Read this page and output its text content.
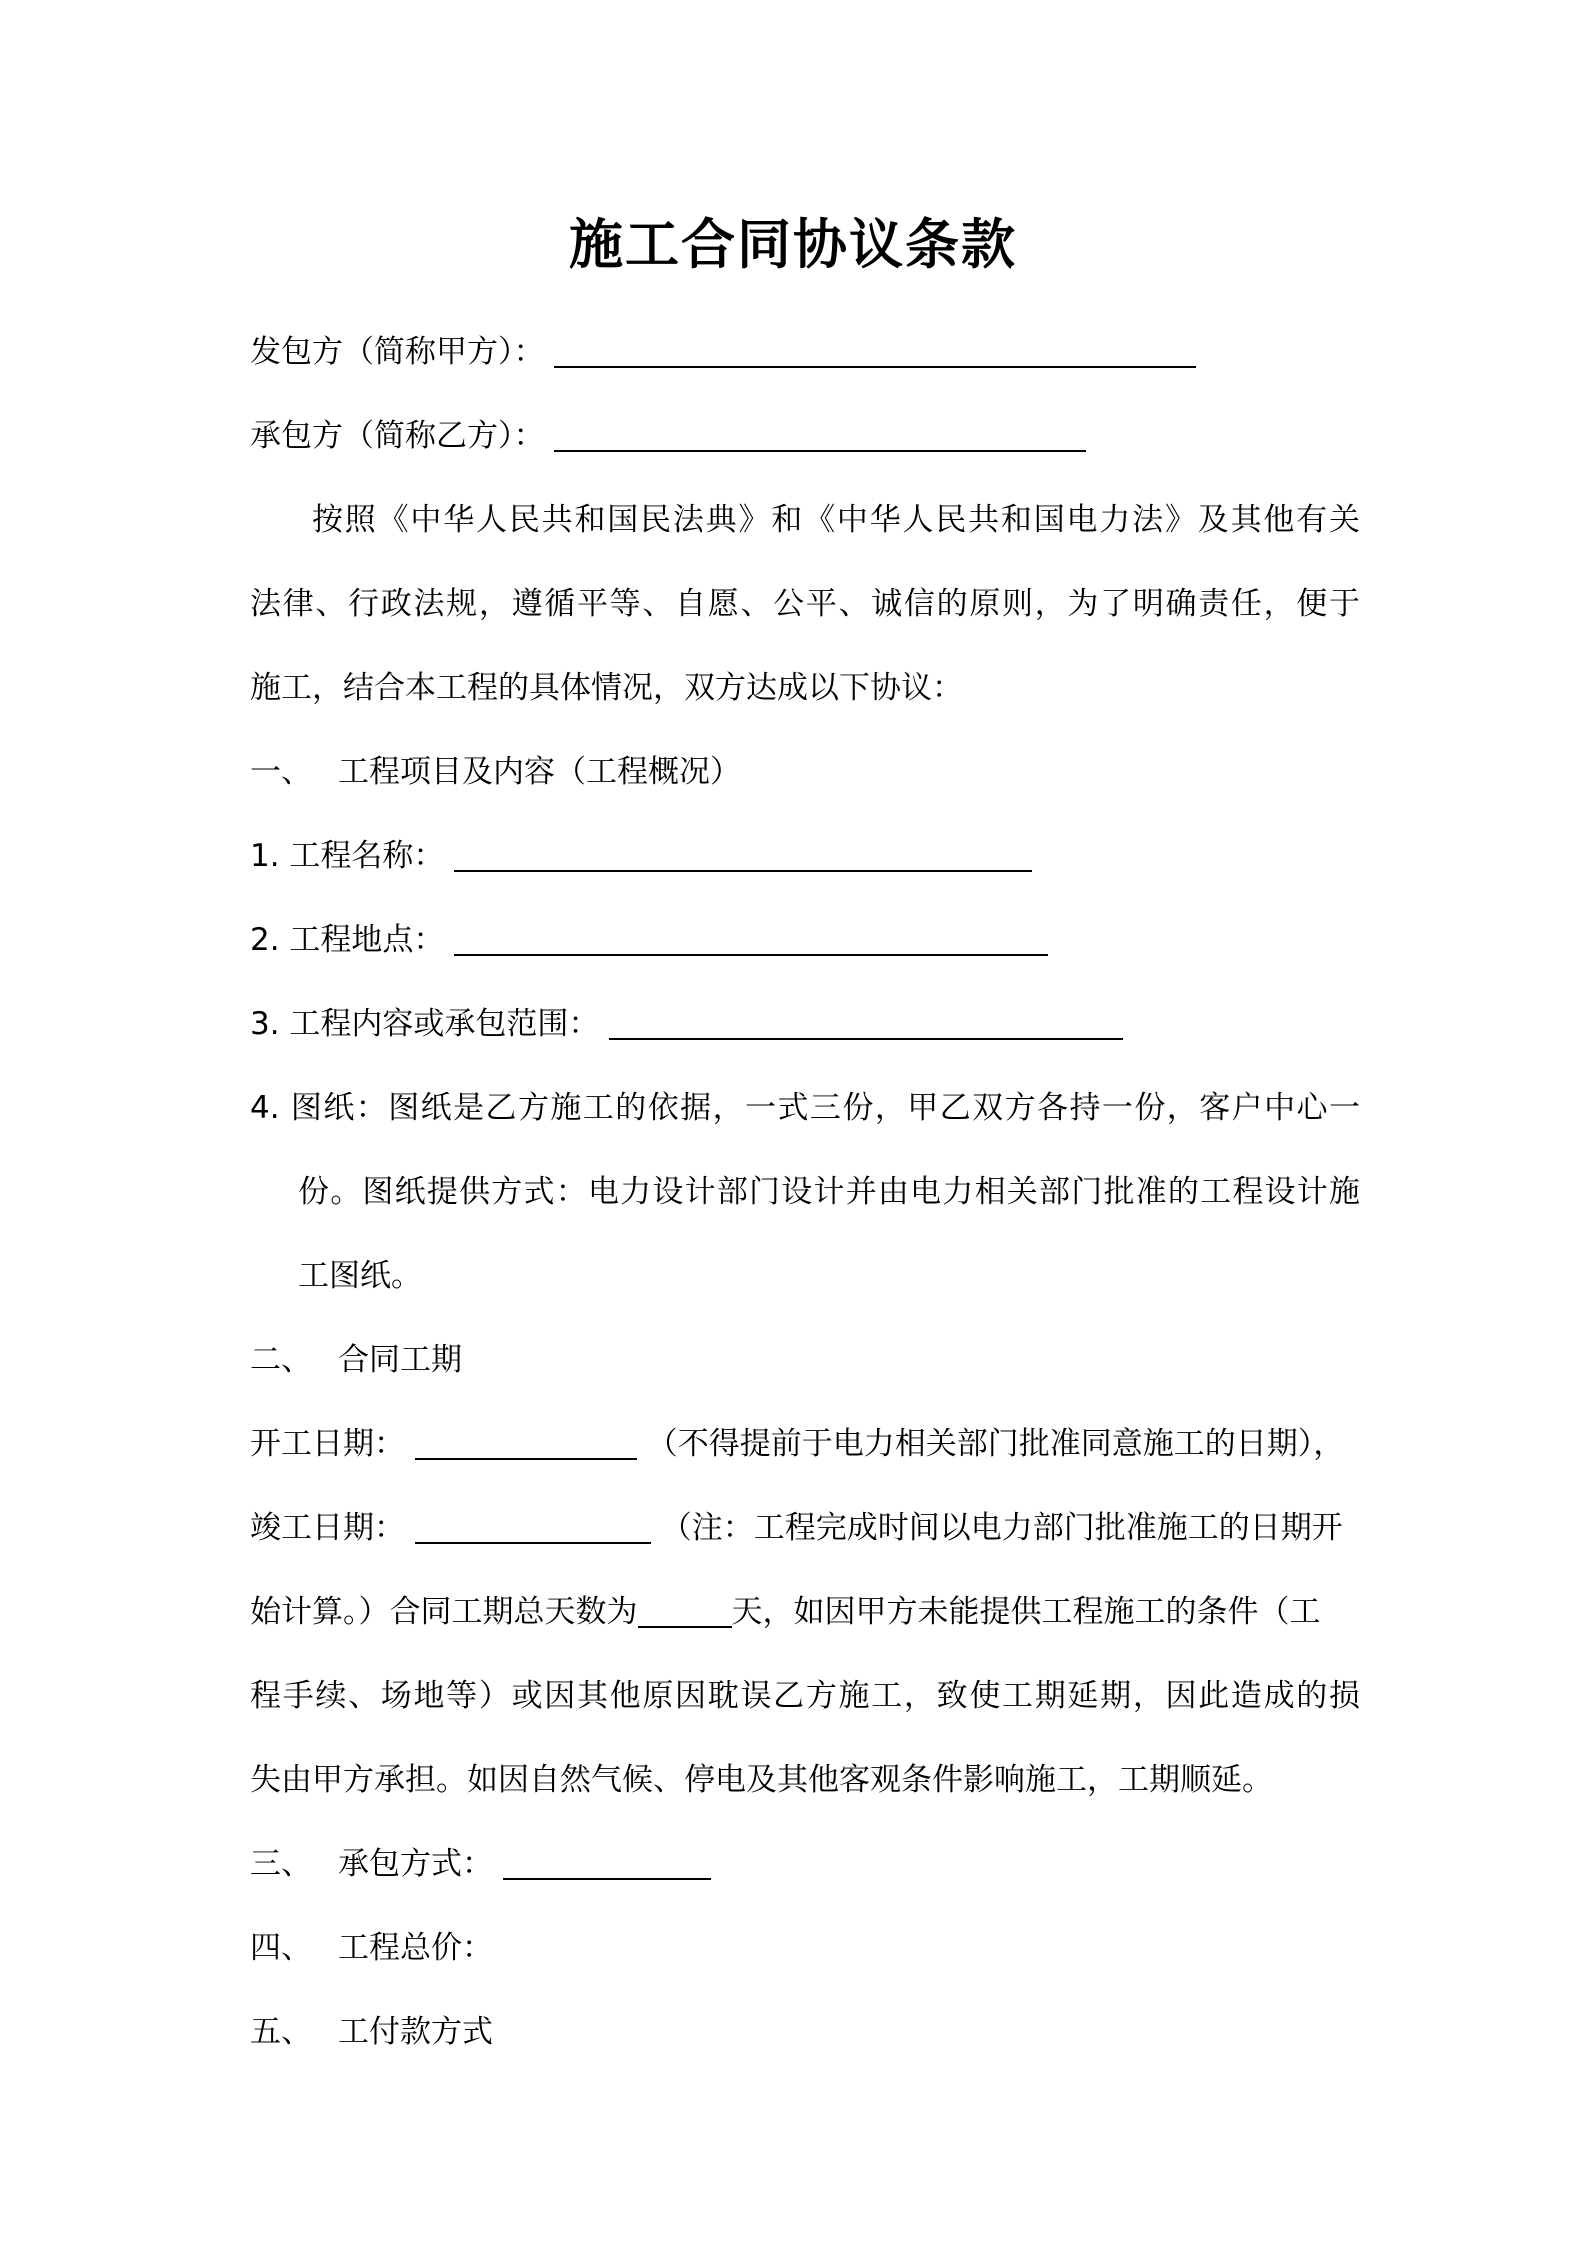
施工合同协议条款
发包方（简称甲方）：
承包方（简称乙方）：
按照《中华人民共和国民法典》和《中华人民共和国电力法》及其他有关
法律、行政法规，遵循平等、自愿、公平、诚信的原则，为了明确责任，便于
施工，结合本工程的具体情况，双方达成以下协议：
一、 工程项目及内容（工程概况）
1. 工程名称：
2. 工程地点：
3. 工程内容或承包范围：
4. 图纸：图纸是乙方施工的依据，一式三份，甲乙双方各持一份，客户中心一
份。图纸提供方式：电力设计部门设计并由电力相关部门批准的工程设计施
工图纸。
二、 合同工期
开工日期：	（不得提前于电力相关部门批准同意施工的日期），
竣工日期：	（注：工程完成时间以电力部门批准施工的日期开
始计算。）合同工期总天数为	天，如因甲方未能提供工程施工的条件（工
程手续、场地等）或因其他原因耽误乙方施工，致使工期延期，因此造成的损
失由甲方承担。如因自然气候、停电及其他客观条件影响施工，工期顺延。
三、 承包方式：
四、 工程总价：
五、 工付款方式
